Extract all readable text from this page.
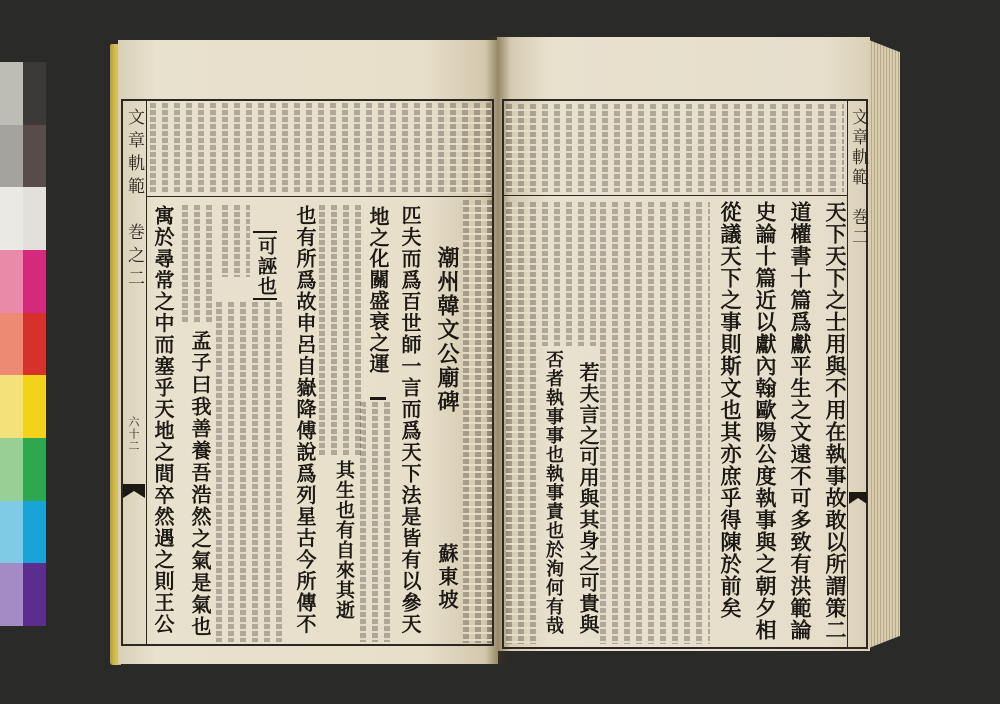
文章軌範　巻之二
六十二
潮州韓文公廟碑
蘇東坡
匹夫而爲百世師一言而爲天下法是皆有以參天
地之化關盛衰之運
其生也有自來其逝
也有所爲故申呂自嶽降傅說爲列星古今所傳不
可誣也
孟子曰我善養吾浩然之氣是氣也
寓於尋常之中而塞乎天地之間卒然遇之則王公
文章軌範　巻二
天下天下之士用與不用在執事故敢以所謂策二
道權書十篇爲獻平生之文遠不可多致有洪範論
史論十篇近以獻內翰歐陽公度執事與之朝夕相
從議天下之事則斯文也其亦庶乎得陳於前矣
若夫言之可用與其身之可貴與
否者執事事也執事責也於洵何有哉
